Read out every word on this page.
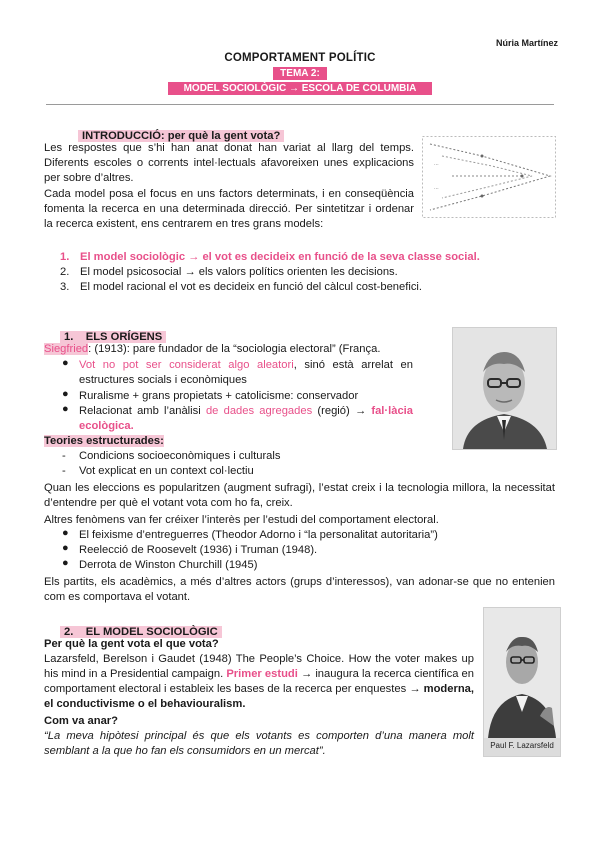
Núria Martínez
COMPORTAMENT POLÍTIC
TEMA 2:
MODEL SOCIOLÒGIC → ESCOLA DE COLUMBIA
INTRODUCCIÓ: per què la gent vota?
Les respostes que s’hi han anat donat han variat al llarg del temps. Diferents escoles o corrents intel·lectuals afavoreixen unes explicacions per sobre d’altres.
Cada model posa el focus en uns factors determinats, i en conseqüència fomenta la recerca en una determinada direcció. Per sintetitzar i ordenar la recerca existent, ens centrarem en tres grans models:
···
···
1. El model sociològic → el vot es decideix en funció de la seva classe social.
2. El model psicosocial → els valors polítics orienten les decisions.
3. El model racional el vot es decideix en funció del càlcul cost-benefici.
1.    ELS ORÍGENS
Siegfried: (1913): pare fundador de la “sociologia electoral” (França.
● Vot no pot ser considerat algo aleatori, sinó està arrelat en estructures socials i econòmiques
● Ruralisme + grans propietats + catolicisme: conservador
● Relacionat amb l’anàlisi de dades agregades (regió) → fal·làcia ecològica.
Teories estructurades:
- Condicions socioeconòmiques i culturals
- Vot explicat en un context col·lectiu
Quan les eleccions es popularitzen (augment sufragi), l’estat creix i la tecnologia millora, la necessitat d’entendre per què el votant vota com ho fa, creix.
Altres fenòmens van fer créixer l’interès per l’estudi del comportament electoral.
● El feixisme d’entreguerres (Theodor Adorno i “la personalitat autoritaria”)
● Reelecció de Roosevelt (1936) i Truman (1948).
● Derrota de Winston Churchill (1945)
Els partits, els acadèmics, a més d’altres actors (grups d’interessos), van adonar-se que no entenien com es comportava el votant.
2.    EL MODEL SOCIOLÒGIC
Per què la gent vota el que vota?
Lazarsfeld, Berelson i Gaudet (1948) The People’s Choice. How the voter makes up his mind in a Presidential campaign. Primer estudi → inaugura la recerca científica en comportament electoral i estableix les bases de la recerca per enquestes → moderna, el conductivisme o el behaviouralism.
Com va anar?
“La meva hipòtesi principal és que els votants es comporten d’una manera molt semblant a la que ho fan els consumidors en un mercat”.	Paul F. Lazarsfeld
